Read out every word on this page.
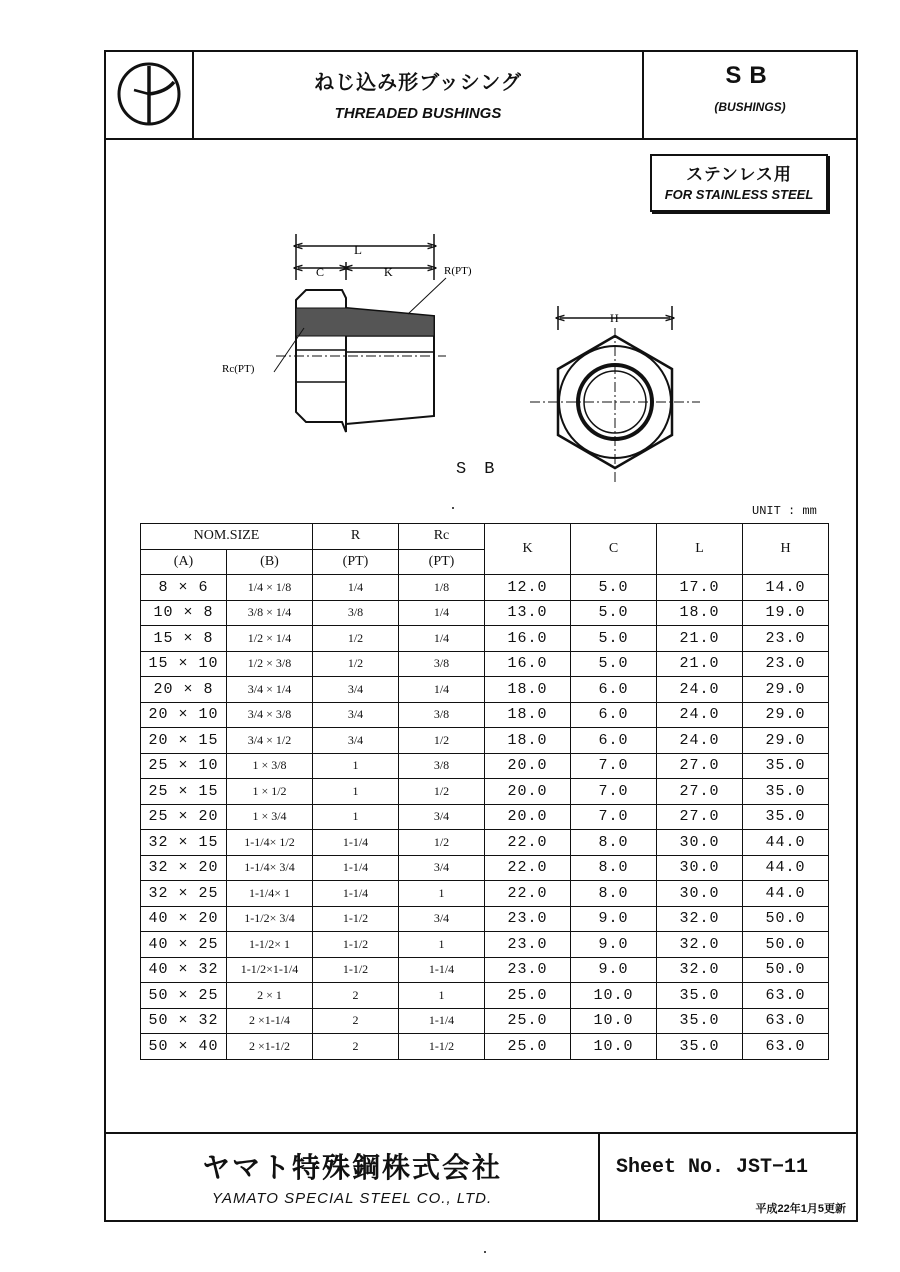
ねじ込み形ブッシング
THREADED BUSHINGS
SB
(BUSHINGS)
ステンレス用
FOR STAINLESS STEEL
L
C	K	R(PT)
Rc(PT)
H
SB
UNIT : mm
NOM.SIZE		R	Rc	K	C	L	H
(A)	(B)	(PT)	(PT)				
8 × 6	1/4 × 1/8	1/4	1/8	12.0	5.0	17.0	14.0
10 × 8	3/8 × 1/4	3/8	1/4	13.0	5.0	18.0	19.0
15 × 8	1/2 × 1/4	1/2	1/4	16.0	5.0	21.0	23.0
15 × 10	1/2 × 3/8	1/2	3/8	16.0	5.0	21.0	23.0
20 × 8	3/4 × 1/4	3/4	1/4	18.0	6.0	24.0	29.0
20 × 10	3/4 × 3/8	3/4	3/8	18.0	6.0	24.0	29.0
20 × 15	3/4 × 1/2	3/4	1/2	18.0	6.0	24.0	29.0
25 × 10	1 × 3/8	1	3/8	20.0	7.0	27.0	35.0
25 × 15	1 × 1/2	1	1/2	20.0	7.0	27.0	35.0
25 × 20	1 × 3/4	1	3/4	20.0	7.0	27.0	35.0
32 × 15	1-1/4× 1/2	1-1/4	1/2	22.0	8.0	30.0	44.0
32 × 20	1-1/4× 3/4	1-1/4	3/4	22.0	8.0	30.0	44.0
32 × 25	1-1/4× 1	1-1/4	1	22.0	8.0	30.0	44.0
40 × 20	1-1/2× 3/4	1-1/2	3/4	23.0	9.0	32.0	50.0
40 × 25	1-1/2× 1	1-1/2	1	23.0	9.0	32.0	50.0
40 × 32	1-1/2×1-1/4	1-1/2	1-1/4	23.0	9.0	32.0	50.0
50 × 25	2 × 1	2	1	25.0	10.0	35.0	63.0
50 × 32	2 ×1-1/4	2	1-1/4	25.0	10.0	35.0	63.0
50 × 40	2 ×1-1/2	2	1-1/2	25.0	10.0	35.0	63.0
ヤマト特殊鋼株式会社
YAMATO SPECIAL STEEL CO., LTD.
Sheet No. JST−11
平成22年1月5更新
